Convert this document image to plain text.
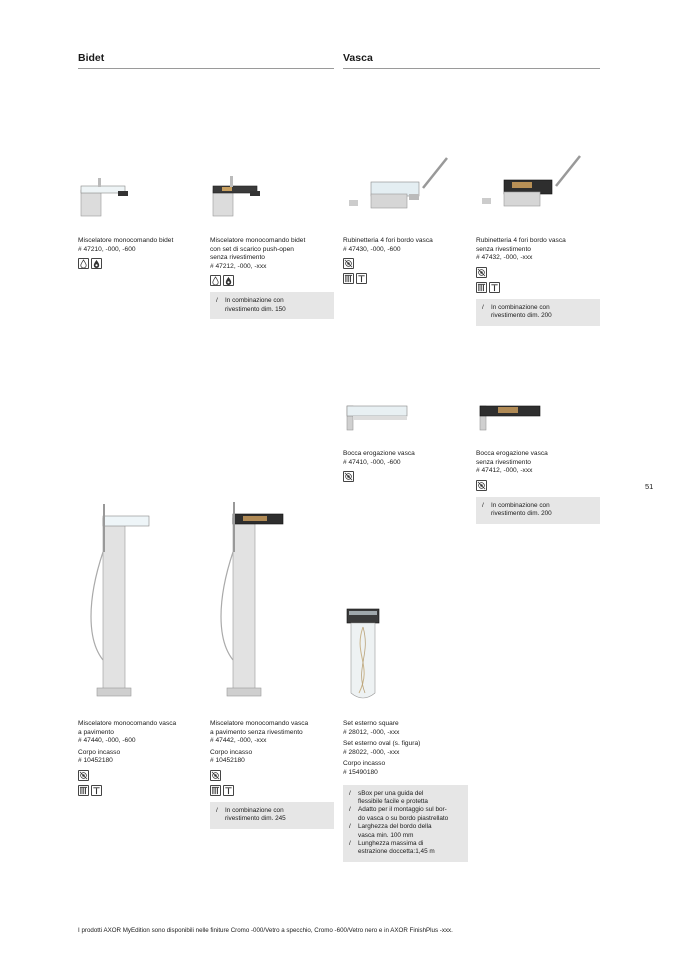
Bidet	Vasca
Miscelatore monocomando bidet
# 47210, -000, -600
Miscelatore monocomando bidet
con set di scarico push-open
senza rivestimento
# 47212, -000, -xxx
/	In combinazione con
rivestimento dim. 150
Rubinetteria 4 fori bordo vasca
# 47430, -000, -600
Rubinetteria 4 fori bordo vasca
senza rivestimento
# 47432, -000, -xxx
/	In combinazione con
rivestimento dim. 200
Bocca erogazione vasca
# 47410, -000, -600
Bocca erogazione vasca
senza rivestimento
# 47412, -000, -xxx
/	In combinazione con
rivestimento dim. 200
Miscelatore monocomando vasca
a pavimento
# 47440, -000, -600
Corpo incasso
# 10452180
Miscelatore monocomando vasca
a pavimento senza rivestimento
# 47442, -000, -xxx
Corpo incasso
# 10452180
/	In combinazione con
rivestimento dim. 245
Set esterno square
# 28012, -000, -xxx
Set esterno oval (s. figura)
# 28022, -000, -xxx
Corpo incasso
# 15490180
/	sBox per una guida del
flessibile facile e protetta
/	Adatto per il montaggio sul bor-
do vasca o su bordo piastrellato
/	Larghezza del bordo della
vasca min. 100 mm
/	Lunghezza massima di
estrazione doccetta:1,45 m
51
I prodotti AXOR MyEdition sono disponibili nelle finiture Cromo -000/Vetro a specchio, Cromo -600/Vetro nero e in AXOR FinishPlus -xxx.
